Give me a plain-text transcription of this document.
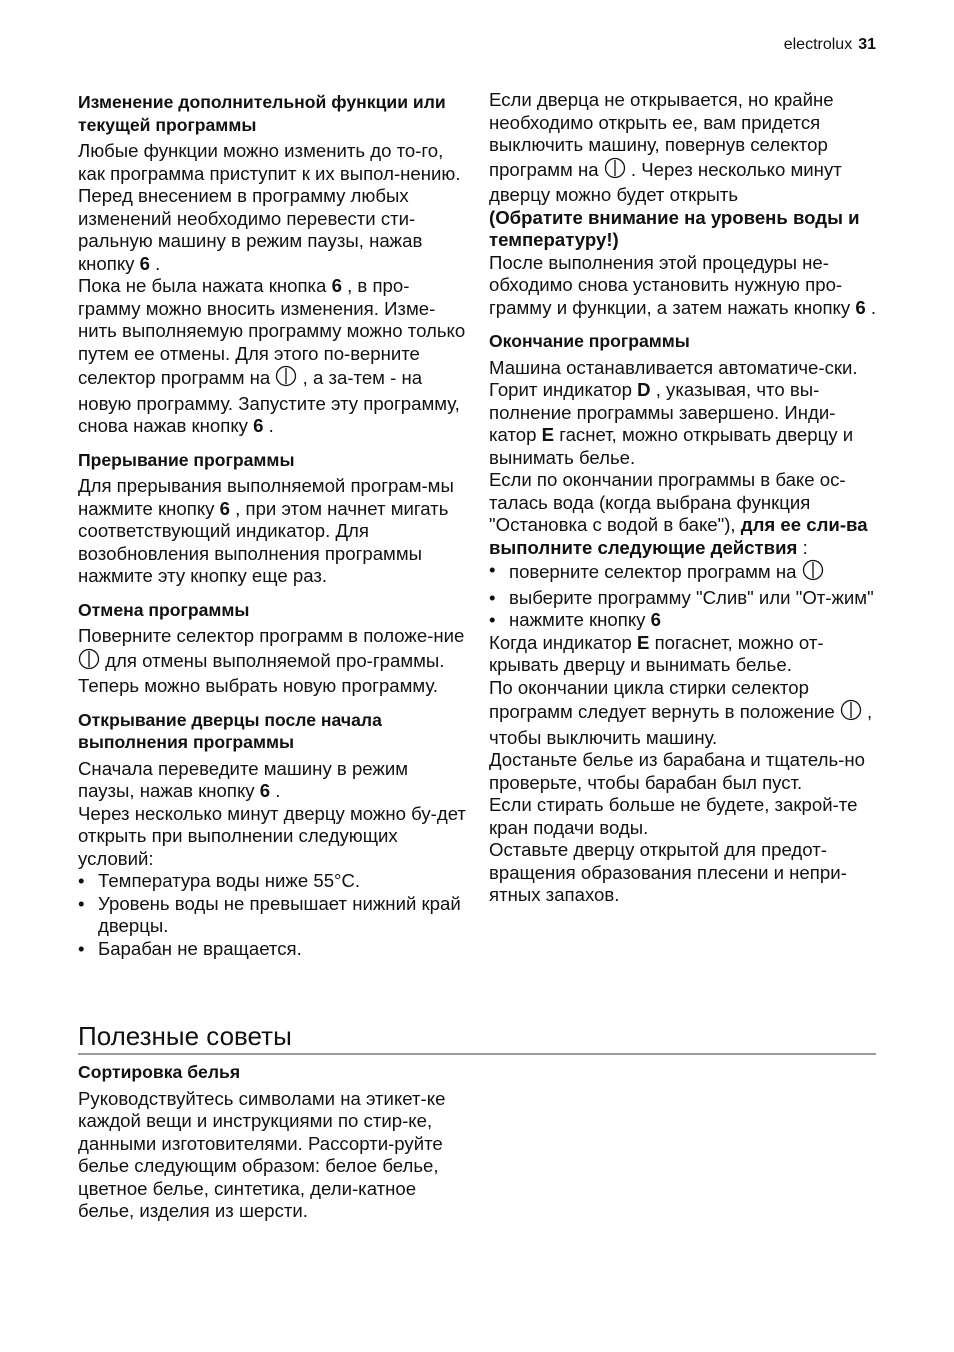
electrolux 31
Изменение дополнительной функции или текущей программы

Любые функции можно изменить до то-го, как программа приступит к их выпол-нению.

Перед внесением в программу любых изменений необходимо перевести сти-ральную машину в режим паузы, нажав кнопку 6 .

Пока не была нажата кнопка 6 , в про-грамму можно вносить изменения. Изме-нить выполняемую программу можно только путем ее отмены. Для этого по-верните селектор программ на , а за-тем - на новую программу. Запустите эту программу, снова нажав кнопку 6 .

Прерывание программы

Для прерывания выполняемой програм-мы нажмите кнопку 6 , при этом начнет мигать соответствующий индикатор. Для возобновления выполнения программы нажмите эту кнопку еще раз.

Отмена программы

Поверните селектор программ в положе-ние  для отмены выполняемой про-граммы. Теперь можно выбрать новую программу.

Открывание дверцы после начала выполнения программы

Сначала переведите машину в режим паузы, нажав кнопку 6 .

Через несколько минут дверцу можно бу-дет открыть при выполнении следующих условий:

• Температура воды ниже 55°C.
• Уровень воды не превышает нижний край дверцы.
• Барабан не вращается.

Если дверца не открывается, но крайне необходимо открыть ее, вам придется выключить машину, повернув селектор программ на . Через несколько минут дверцу можно будет открыть

(Обратите внимание на уровень воды и температуру!)

После выполнения этой процедуры не-обходимо снова установить нужную про-грамму и функции, а затем нажать кнопку 6 .

Окончание программы

Машина останавливается автоматиче-ски.

Горит индикатор D , указывая, что вы-полнение программы завершено. Инди-катор E гаснет, можно открывать дверцу и вынимать белье.

Если по окончании программы в баке ос-талась вода (когда выбрана функция "Остановка с водой в баке"), для ее сли-ва выполните следующие действия :

• поверните селектор программ на
• выберите программу "Слив" или "От-жим"
• нажмите кнопку 6

Когда индикатор E погаснет, можно от-крывать дверцу и вынимать белье.

По окончании цикла стирки селектор программ следует вернуть в положение , чтобы выключить машину.

Достаньте белье из барабана и тщатель-но проверьте, чтобы барабан был пуст.

Если стирать больше не будете, закрой-те кран подачи воды.

Оставьте дверцу открытой для предот-вращения образования плесени и непри-ятных запахов.

Полезные советы
Сортировка белья

Руководствуйтесь символами на этикет-ке каждой вещи и инструкциями по стир-ке, данными изготовителями. Рассорти-руйте белье следующим образом: белое белье, цветное белье, синтетика, дели-катное белье, изделия из шерсти.
